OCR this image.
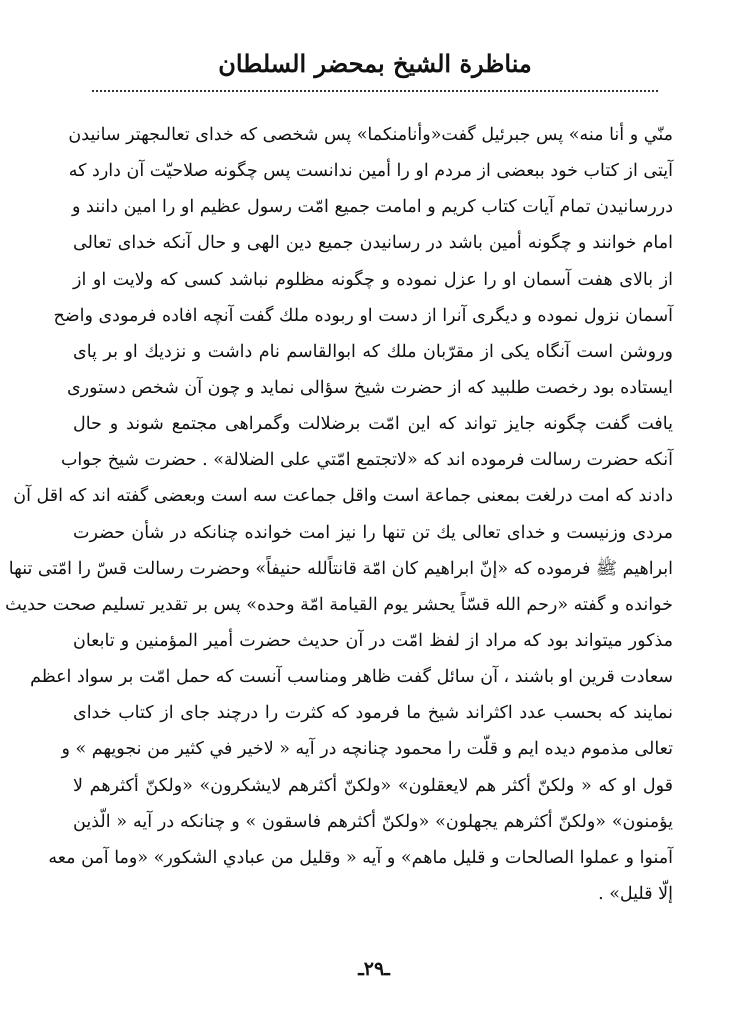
مناظرة الشيخ بمحضر السلطان
منّي و أنا منه» پس جبرئيل گفت«وأنامنكما» پس شخصى كه خداى تعالىجهتر سانيدن
آيتى از كتاب خود ببعضى از مردم او را أمين ندانست پس چگونه صلاحيّت آن دارد كه
دررسانيدن تمام آيات كتاب كريم و امامت جميع امّت رسول عظيم او را امين دانند و
امام خوانند و چگونه أمين باشد در رسانيدن جميع دين الهى و حال آنكه خداى تعالى
از بالاى هفت آسمان او را عزل نموده و چگونه مظلوم نباشد كسى كه ولايت او از
آسمان نزول نموده و ديگرى آنرا از دست او ربوده ملك گفت آنچه افاده فرمودى واضح
وروشن است آنگاه يكى از مقرّبان ملك كه ابوالقاسم نام داشت و نزديك او بر پاى
ايستاده بود رخصت طلبيد كه از حضرت شيخ سؤالى نمايد و چون آن شخص دستورى
يافت گفت چگونه جايز تواند كه اين امّت برضلالت وگمراهى مجتمع شوند و حال
آنكه حضرت رسالت فرموده اند كه «لاتجتمع امّتي على الضلالة» . حضرت شيخ جواب
دادند كه امت درلغت بمعنى جماعة است واقل جماعت سه است وبعضى گفته اند كه اقل آن
مردى وزنيست و خداى تعالى يك تن تنها را نيز امت خوانده چنانكه در شأن حضرت
ابراهيم ﷺ فرموده كه «إنّ ابراهيم كان امّة قانتاًلله حنيفاً» وحضرت رسالت قسّ را امّتى تنها
خوانده و گفته «رحم الله قسّاً يحشر يوم القيامة امّة وحده» پس بر تقدير تسليم صحت حديث
مذكور ميتواند بود كه مراد از لفظ امّت در آن حديث حضرت أمير المؤمنين و تابعان
سعادت قرين او باشند ، آن سائل گفت ظاهر ومناسب آنست كه حمل امّت بر سواد اعظم
نمايند كه بحسب عدد اكثراند شيخ ما فرمود كه كثرت را درچند جاى از كتاب خداى
تعالى مذموم ديده ايم و قلّت را محمود چنانچه در آيه « لاخير في كثير من نجويهم » و
قول او كه « ولكنّ أكثر هم لايعقلون» «ولكنّ أكثرهم لايشكرون» «ولكنّ أكثرهم لا
يؤمنون» «ولكنّ أكثرهم يجهلون» «ولكنّ أكثرهم فاسقون » و چنانكه در آيه « الّذين
آمنوا و عملوا الصالحات و قليل ماهم» و آيه « وقليل من عبادي الشكور» «وما آمن معه
إلّا قليل» .
ـ٢٩ـ
